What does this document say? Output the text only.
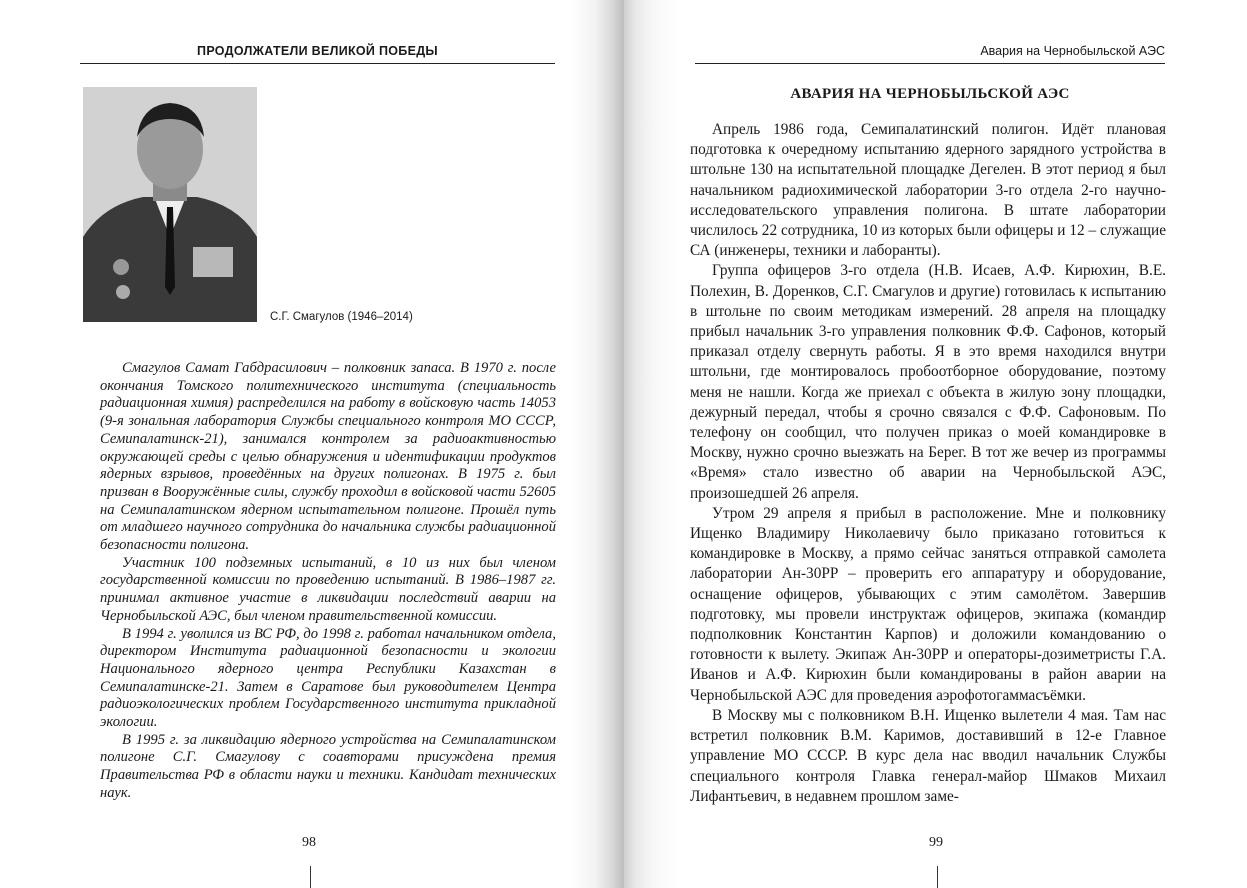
ПРОДОЛЖАТЕЛИ ВЕЛИКОЙ ПОБЕДЫ
С.Г. Смагулов (1946–2014)

Смагулов Самат Габдрасилович – полковник запаса. В 1970 г. после окончания Томского политехнического института (специальность радиационная химия) распределился на работу в войсковую часть 14053 (9-я зональная лаборатория Службы специального контроля МО СССР, Семипалатинск-21), занимался контролем за радиоактивностью окружающей среды с целью обнаружения и идентификации продуктов ядерных взрывов, проведённых на других полигонах. В 1975 г. был призван в Вооружённые силы, службу проходил в войсковой части 52605 на Семипалатинском ядерном испытательном полигоне. Прошёл путь от младшего научного сотрудника до начальника службы радиационной безопасности полигона.

Участник 100 подземных испытаний, в 10 из них был членом государственной комиссии по проведению испытаний. В 1986–1987 гг. принимал активное участие в ликвидации последствий аварии на Чернобыльской АЭС, был членом правительственной комиссии.

В 1994 г. уволился из ВС РФ, до 1998 г. работал начальником отдела, директором Института радиационной безопасности и экологии Национального ядерного центра Республики Казахстан в Семипалатинске-21. Затем в Саратове был руководителем Центра радиоэкологических проблем Государственного института прикладной экологии.

В 1995 г. за ликвидацию ядерного устройства на Семипалатинском полигоне С.Г. Смагулову с соавторами присуждена премия Правительства РФ в области науки и техники. Кандидат технических наук.

98
Авария на Чернобыльской АЭС
АВАРИЯ НА ЧЕРНОБЫЛЬСКОЙ АЭС

Апрель 1986 года, Семипалатинский полигон. Идёт плановая подготовка к очередному испытанию ядерного зарядного устройства в штольне 130 на испытательной площадке Дегелен. В этот период я был начальником радиохимической лаборатории 3-го отдела 2-го научно-исследовательского управления полигона. В штате лаборатории числилось 22 сотрудника, 10 из которых были офицеры и 12 – служащие СА (инженеры, техники и лаборанты).

Группа офицеров 3-го отдела (Н.В. Исаев, А.Ф. Кирюхин, В.Е. Полехин, В. Доренков, С.Г. Смагулов и другие) готовилась к испытанию в штольне по своим методикам измерений. 28 апреля на площадку прибыл начальник 3-го управления полковник Ф.Ф. Сафонов, который приказал отделу свернуть работы. Я в это время находился внутри штольни, где монтировалось пробоотборное оборудование, поэтому меня не нашли. Когда же приехал с объекта в жилую зону площадки, дежурный передал, чтобы я срочно связался с Ф.Ф. Сафоновым. По телефону он сообщил, что получен приказ о моей командировке в Москву, нужно срочно выезжать на Берег. В тот же вечер из программы «Время» стало известно об аварии на Чернобыльской АЭС, произошедшей 26 апреля.

Утром 29 апреля я прибыл в расположение. Мне и полковнику Ищенко Владимиру Николаевичу было приказано готовиться к командировке в Москву, а прямо сейчас заняться отправкой самолета лаборатории Ан-30РР – проверить его аппаратуру и оборудование, оснащение офицеров, убывающих с этим самолётом. Завершив подготовку, мы провели инструктаж офицеров, экипажа (командир подполковник Константин Карпов) и доложили командованию о готовности к вылету. Экипаж Ан-30РР и операторы-дозиметристы Г.А. Иванов и А.Ф. Кирюхин были командированы в район аварии на Чернобыльской АЭС для проведения аэрофотогаммасъёмки.

В Москву мы с полковником В.Н. Ищенко вылетели 4 мая. Там нас встретил полковник В.М. Каримов, доставивший в 12-е Главное управление МО СССР. В курс дела нас вводил начальник Службы специального контроля Главка генерал-майор Шмаков Михаил Лифантьевич, в недавнем прошлом заме-

99
